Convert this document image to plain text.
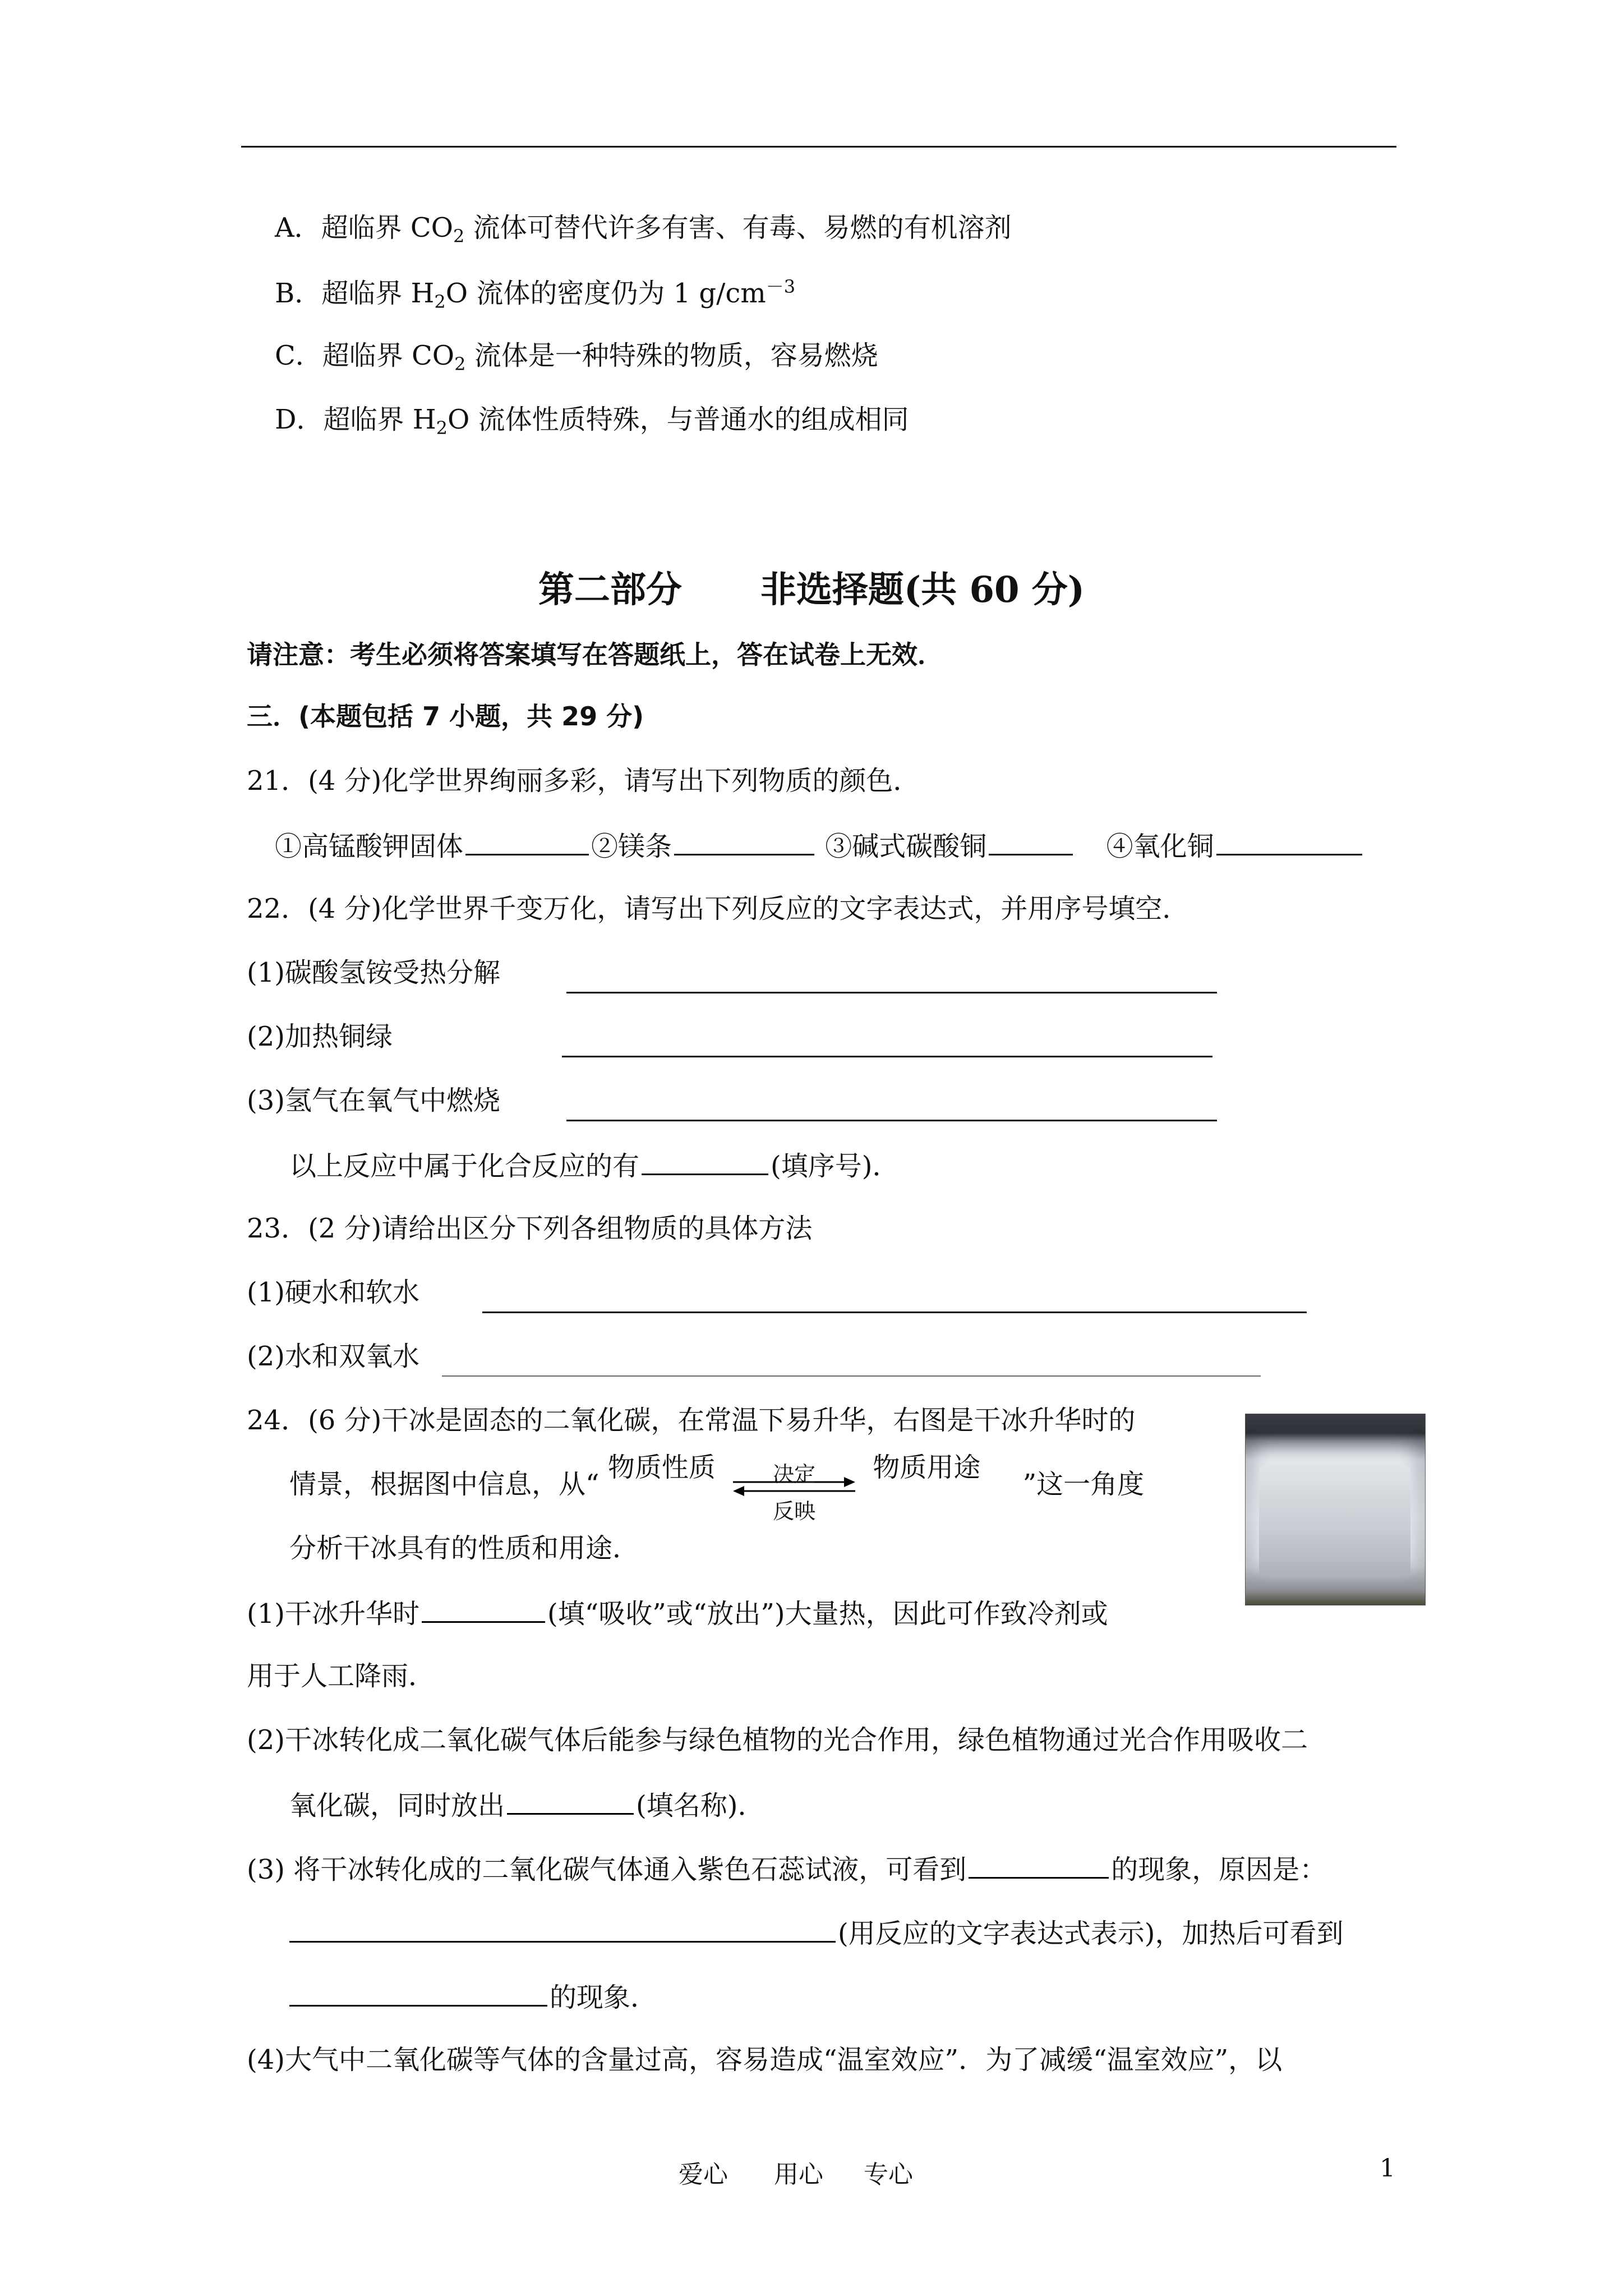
A．超临界 $CO_2$ 流体可替代许多有害、有毒、易燃的有机溶剂
B．超临界 $H_2O$ 流体的密度仍为 1 $g/cm^{-3}$
C．超临界 $CO_2$ 流体是一种特殊的物质，容易燃烧
D．超临界 $H_2O$ 流体性质特殊，与普通水的组成相同
第二部分 非选择题(共 60 分)
请注意：考生必须将答案填写在答题纸上，答在试卷上无效．
三．(本题包括 7 小题，共 29 分)
21．(4 分)化学世界绚丽多彩，请写出下列物质的颜色．
①高锰酸钾固体	②镁条	③碱式碳酸铜	④氧化铜
22．(4 分)化学世界千变万化，请写出下列反应的文字表达式，并用序号填空．
(1)碳酸氢铵受热分解
(2)加热铜绿
(3)氢气在氧气中燃烧
以上反应中属于化合反应的有	(填序号)．
23．(2 分)请给出区分下列各组物质的具体方法
(1)硬水和软水
(2)水和双氧水
24．(6 分)干冰是固态的二氧化碳，在常温下易升华，右图是干冰升华时的
情景，根据图中信息，从“ 物质性质	决定
反映
物质用途 ”这一角度
分析干冰具有的性质和用途．
(1)干冰升华时	(填“吸收”或“放出”)大量热，因此可作致冷剂或
用于人工降雨．
(2)干冰转化成二氧化碳气体后能参与绿色植物的光合作用，绿色植物通过光合作用吸收二
氧化碳，同时放出	(填名称)．
(3) 将干冰转化成的二氧化碳气体通入紫色石蕊试液，可看到	的现象，原因是：
(用反应的文字表达式表示)，加热后可看到
的现象．
(4)大气中二氧化碳等气体的含量过高，容易造成“温室效应”．为了减缓“温室效应”，以
爱心 用心 专心	1
